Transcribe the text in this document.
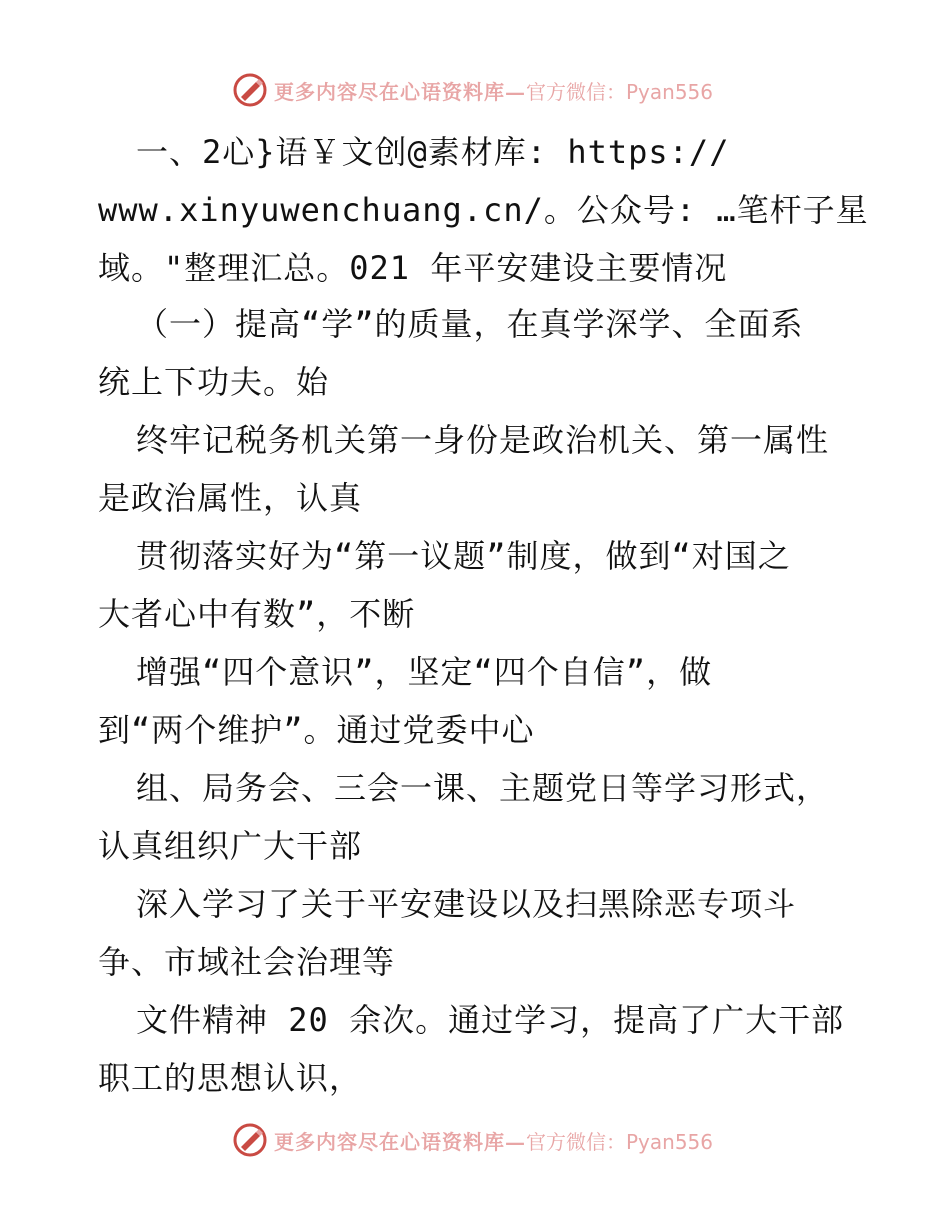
更多内容尽在心语资料库— 官方微信：Pyan556
一、2心}语￥文创@素材库: https://
www.xinyuwenchuang.cn/。公众号: …笔杆子星
域。"整理汇总。021 年平安建设主要情况
（一）提高“学”的质量，在真学深学、全面系
统上下功夫。始
终牢记税务机关第一身份是政治机关、第一属性
是政治属性，认真
贯彻落实好为“第一议题”制度，做到“对国之
大者心中有数”，不断
增强“四个意识”，坚定“四个自信”，做
到“两个维护”。通过党委中心
组、局务会、三会一课、主题党日等学习形式，
认真组织广大干部
深入学习了关于平安建设以及扫黑除恶专项斗
争、市域社会治理等
文件精神 20 余次。通过学习，提高了广大干部
职工的思想认识，
更多内容尽在心语资料库— 官方微信：Pyan556
